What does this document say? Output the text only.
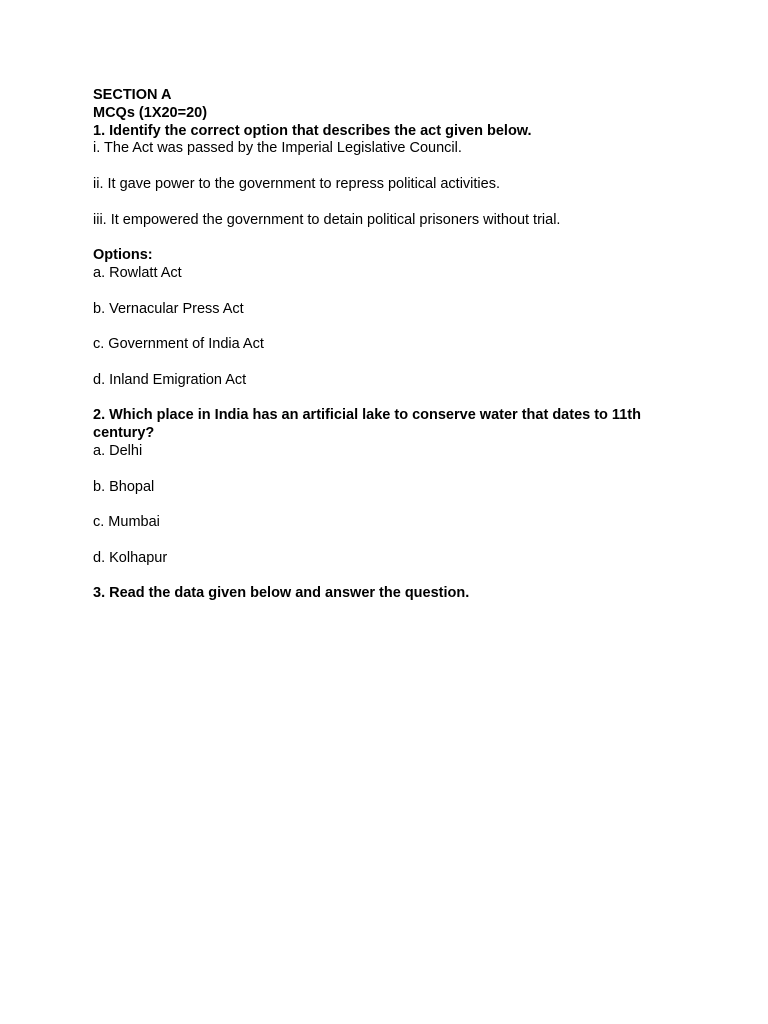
SECTION A
MCQs (1X20=20)
1. Identify the correct option that describes the act given below.
i. The Act was passed by the Imperial Legislative Council.
ii. It gave power to the government to repress political activities.
iii. It empowered the government to detain political prisoners without trial.
Options:
a. Rowlatt Act
b. Vernacular Press Act
c. Government of India Act
d. Inland Emigration Act
2. Which place in India has an artificial lake to conserve water that dates to 11th century?
a. Delhi
b. Bhopal
c. Mumbai
d. Kolhapur
3. Read the data given below and answer the question.
